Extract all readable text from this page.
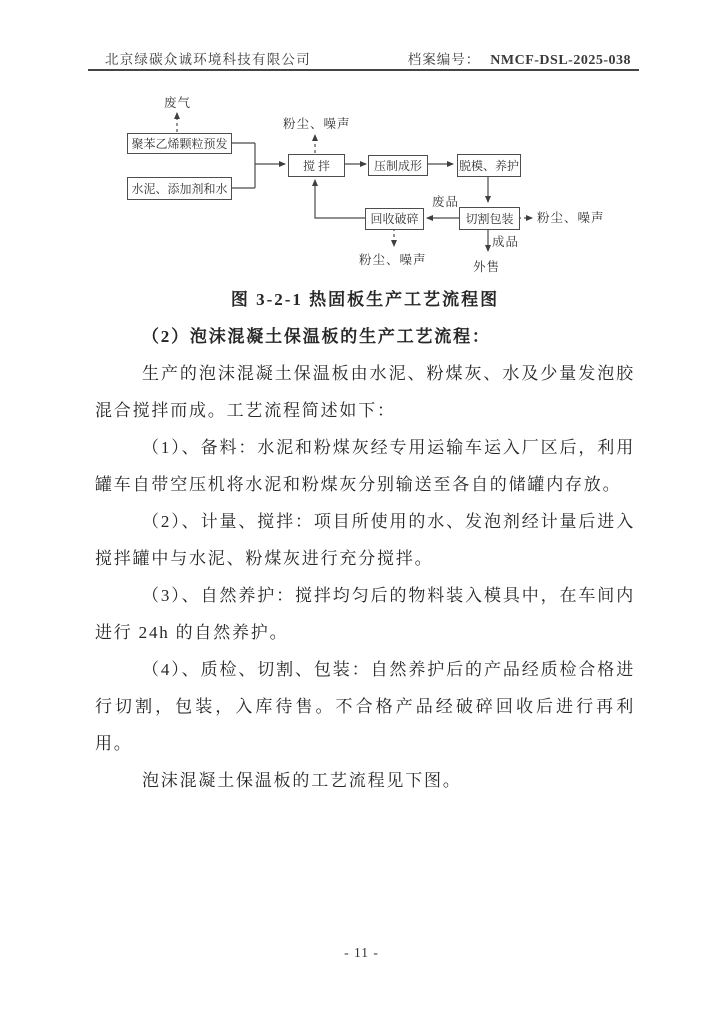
北京绿碳众诚环境科技有限公司	档案编号： NMCF-DSL-2025-038
聚苯乙烯颗粒预发
水泥、添加剂和水
搅 拌	压制成形	脱模、养护
回收破碎	切割包装
废气
粉尘、噪声
废品
粉尘、噪声
成品
外售
粉尘、噪声
图 3-2-1 热固板生产工艺流程图

（2）泡沫混凝土保温板的生产工艺流程：

生产的泡沫混凝土保温板由水泥、粉煤灰、水及少量发泡胶混合搅拌而成。工艺流程简述如下：

（1）、备料：水泥和粉煤灰经专用运输车运入厂区后，利用罐车自带空压机将水泥和粉煤灰分别输送至各自的储罐内存放。

（2）、计量、搅拌：项目所使用的水、发泡剂经计量后进入搅拌罐中与水泥、粉煤灰进行充分搅拌。

（3）、自然养护：搅拌均匀后的物料装入模具中，在车间内进行 24h 的自然养护。

（4）、质检、切割、包装：自然养护后的产品经质检合格进行切割，包装，入库待售。不合格产品经破碎回收后进行再利用。

泡沫混凝土保温板的工艺流程见下图。

- 11 -
